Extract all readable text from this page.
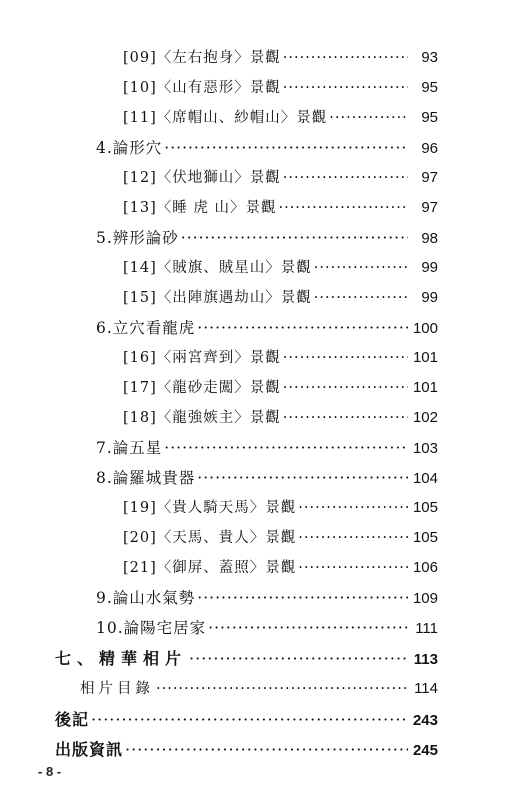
[09]〈左右抱身〉景觀 ·····	93
[10]〈山有惡形〉景觀 ·····	95
[11]〈席帽山、紗帽山〉景觀 ·····	95
4.論形穴 ·····	96
[12]〈伏地獅山〉景觀 ·····	97
[13]〈睡 虎 山〉景觀 ·····	97
5.辨形論砂 ·····	98
[14]〈賊旗、賊星山〉景觀 ·····	99
[15]〈出陣旗遇劫山〉景觀 ·····	99
6.立穴看龍虎 ·····	100
[16]〈兩宮齊到〉景觀 ·····	101
[17]〈龍砂走闖〉景觀 ·····	101
[18]〈龍強嫉主〉景觀 ·····	102
7.論五星 ·····	103
8.論羅城貴器 ·····	104
[19]〈貴人騎天馬〉景觀 ·····	105
[20]〈天馬、貴人〉景觀 ·····	105
[21]〈御屏、蓋照〉景觀 ·····	106
9.論山水氣勢 ·····	109
10.論陽宅居家 ·····	111
七、精華相片 ·····	113
相片目錄 ·····	114
後記 ·····	243
出版資訊 ·····	245
- 8 -
